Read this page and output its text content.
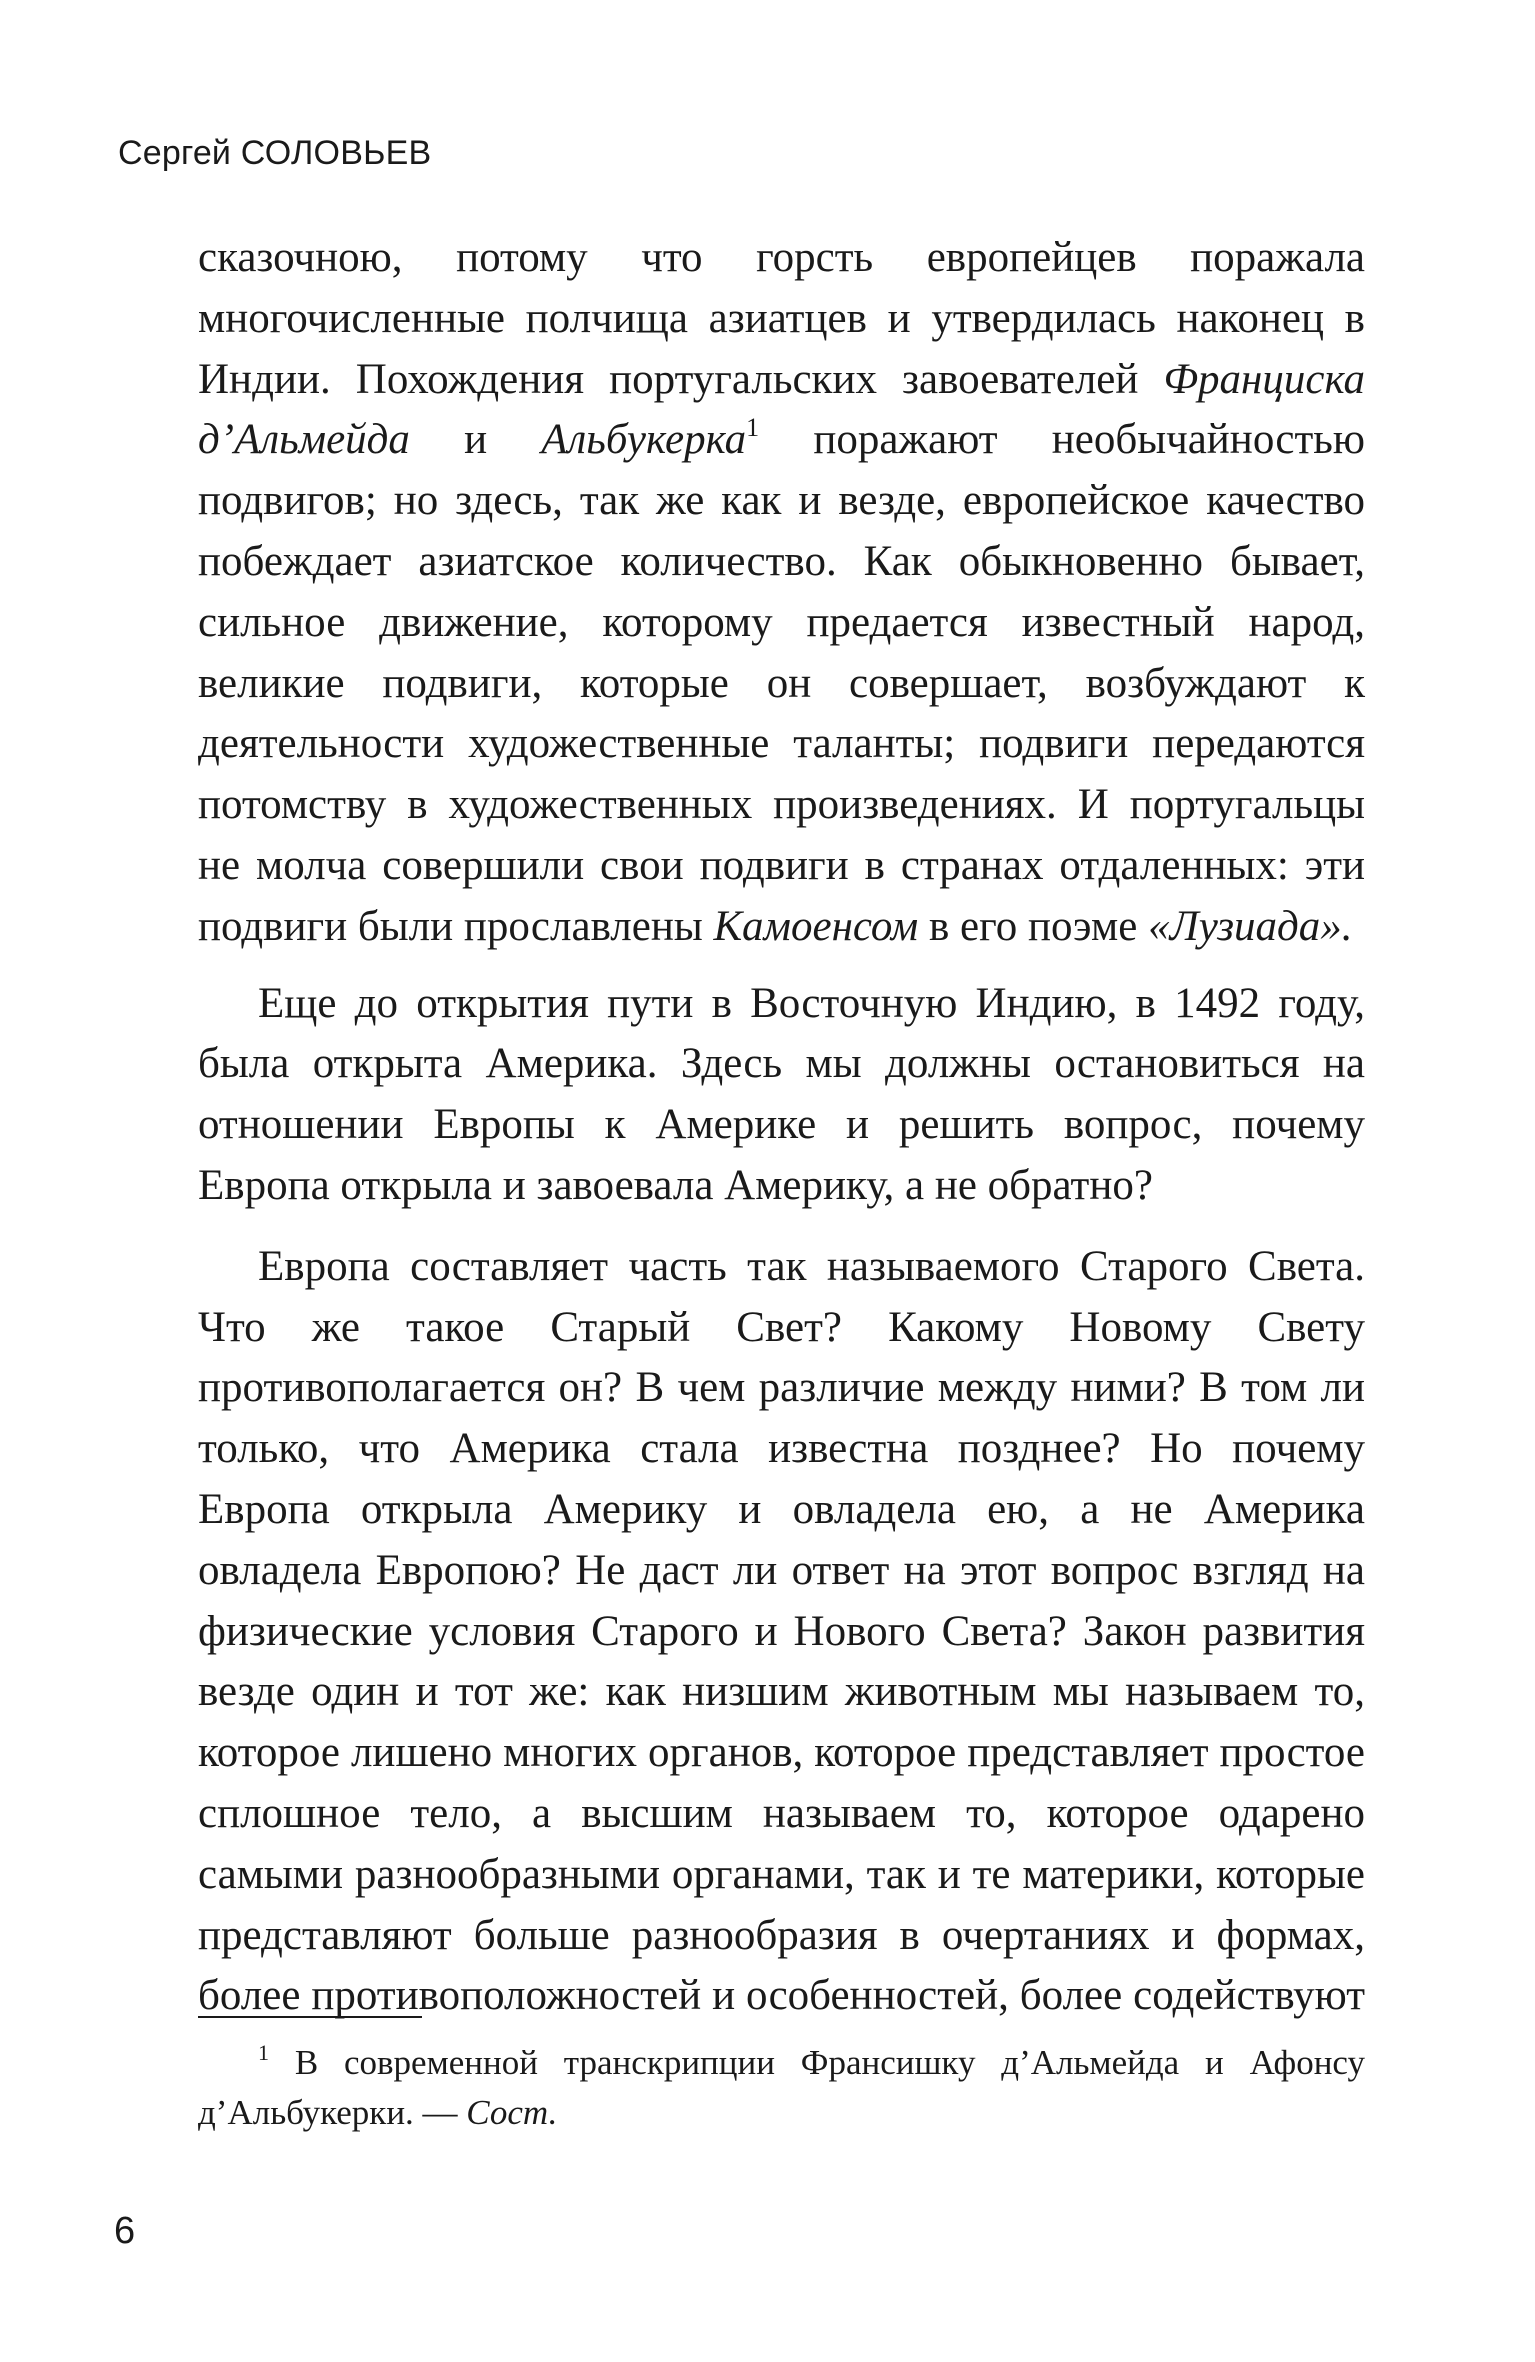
Сергей СОЛОВЬЕВ

сказочною, потому что горсть европейцев поражала многочисленные полчища азиатцев и утвердилась наконец в Индии. Похождения португальских завоевателей Франциска д’Альмейда и Альбукерка$^1$ поражают необычайностью подвигов; но здесь, так же как и везде, европейское качество побеждает азиатское количество. Как обыкновенно бывает, сильное движение, которому предается известный народ, великие подвиги, которые он совершает, возбуждают к деятельности художественные таланты; подвиги передаются потомству в художественных произведениях. И португальцы не молча совершили свои подвиги в странах отдаленных: эти подвиги были прославлены Камоенсом в его поэме «Лузиада».

Еще до открытия пути в Восточную Индию, в 1492 году, была открыта Америка. Здесь мы должны остановиться на отношении Европы к Америке и решить вопрос, почему Европа открыла и завоевала Америку, а не обратно?

Европа составляет часть так называемого Старого Света. Что же такое Старый Свет? Какому Новому Свету противополагается он? В чем различие между ними? В том ли только, что Америка стала известна позднее? Но почему Европа открыла Америку и овладела ею, а не Америка овладела Европою? Не даст ли ответ на этот вопрос взгляд на физические условия Старого и Нового Света? Закон развития везде один и тот же: как низшим животным мы называем то, которое лишено многих органов, которое представляет простое сплошное тело, а высшим называем то, которое одарено самыми разнообразными органами, так и те материки, которые представляют больше разнообразия в очертаниях и формах, более противоположностей и особенностей, более содействуют

$^1$ В современной транскрипции Франсишку д’Альмейда и Афонсу д’Альбукерки. — Сост.
6
